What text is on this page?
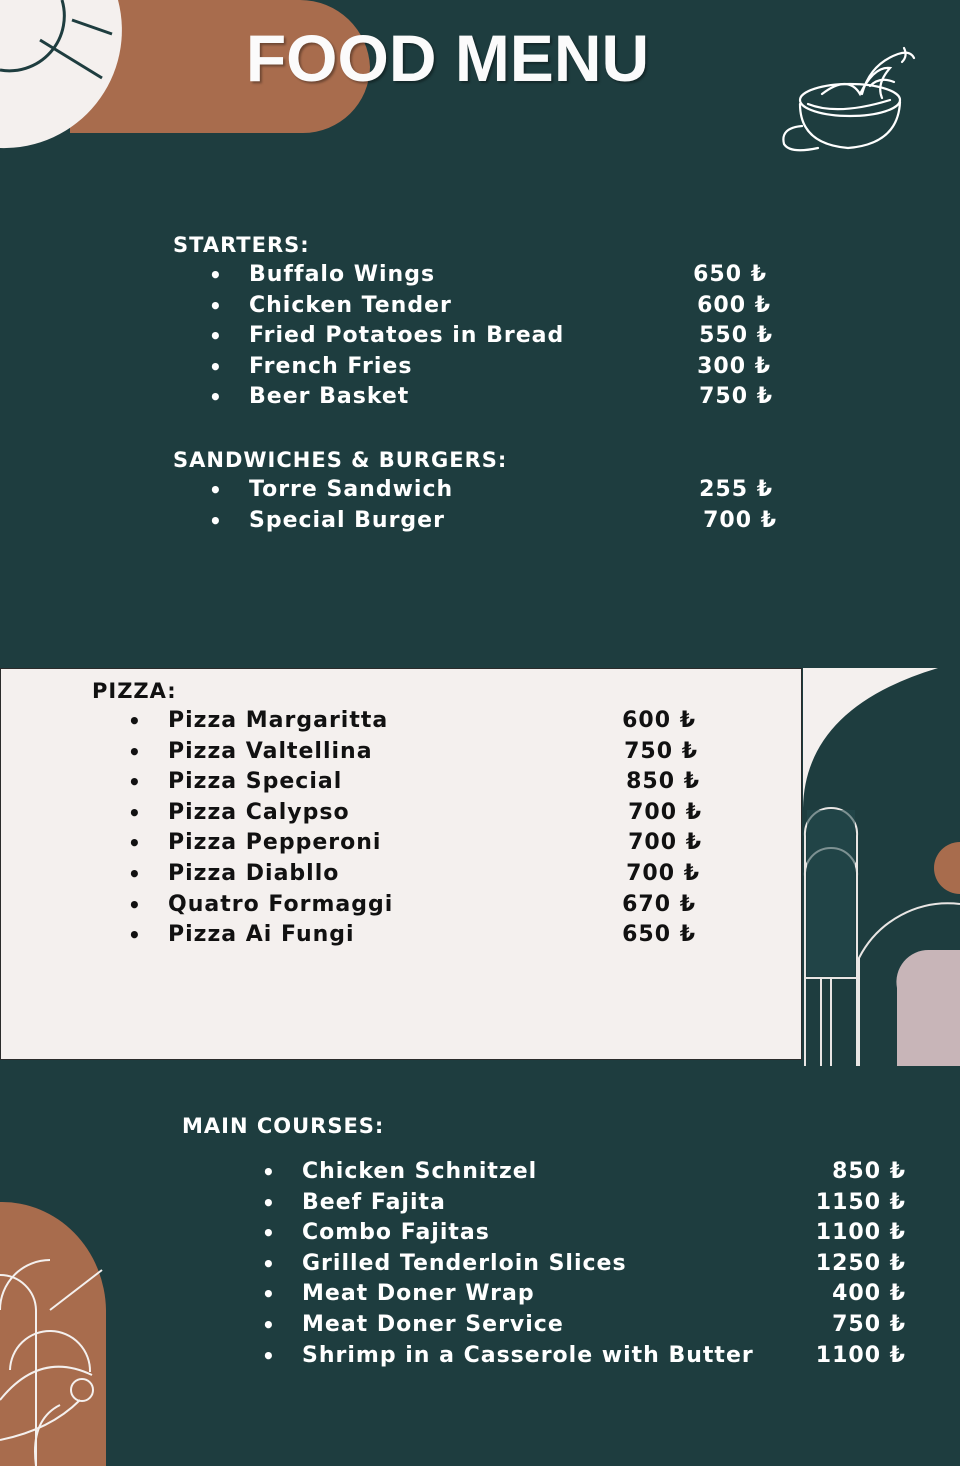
FOOD MENU
STARTERS:
• Buffalo Wings	650 ₺
• Chicken Tender	600 ₺
• Fried Potatoes in Bread	550 ₺
• French Fries	300 ₺
• Beer Basket	750 ₺
SANDWICHES & BURGERS:
• Torre Sandwich	255 ₺
• Special Burger	700 ₺
PIZZA:
• Pizza Margaritta	600 ₺
• Pizza Valtellina	750 ₺
• Pizza Special	850 ₺
• Pizza Calypso	700 ₺
• Pizza Pepperoni	700 ₺
• Pizza Diabllo	700 ₺
• Quatro Formaggi	670 ₺
• Pizza Ai Fungi	650 ₺
MAIN COURSES:
• Chicken Schnitzel	850 ₺
• Beef Fajita	1150 ₺
• Combo Fajitas	1100 ₺
• Grilled Tenderloin Slices	1250 ₺
• Meat Doner Wrap	400 ₺
• Meat Doner Service	750 ₺
• Shrimp in a Casserole with Butter	1100 ₺
